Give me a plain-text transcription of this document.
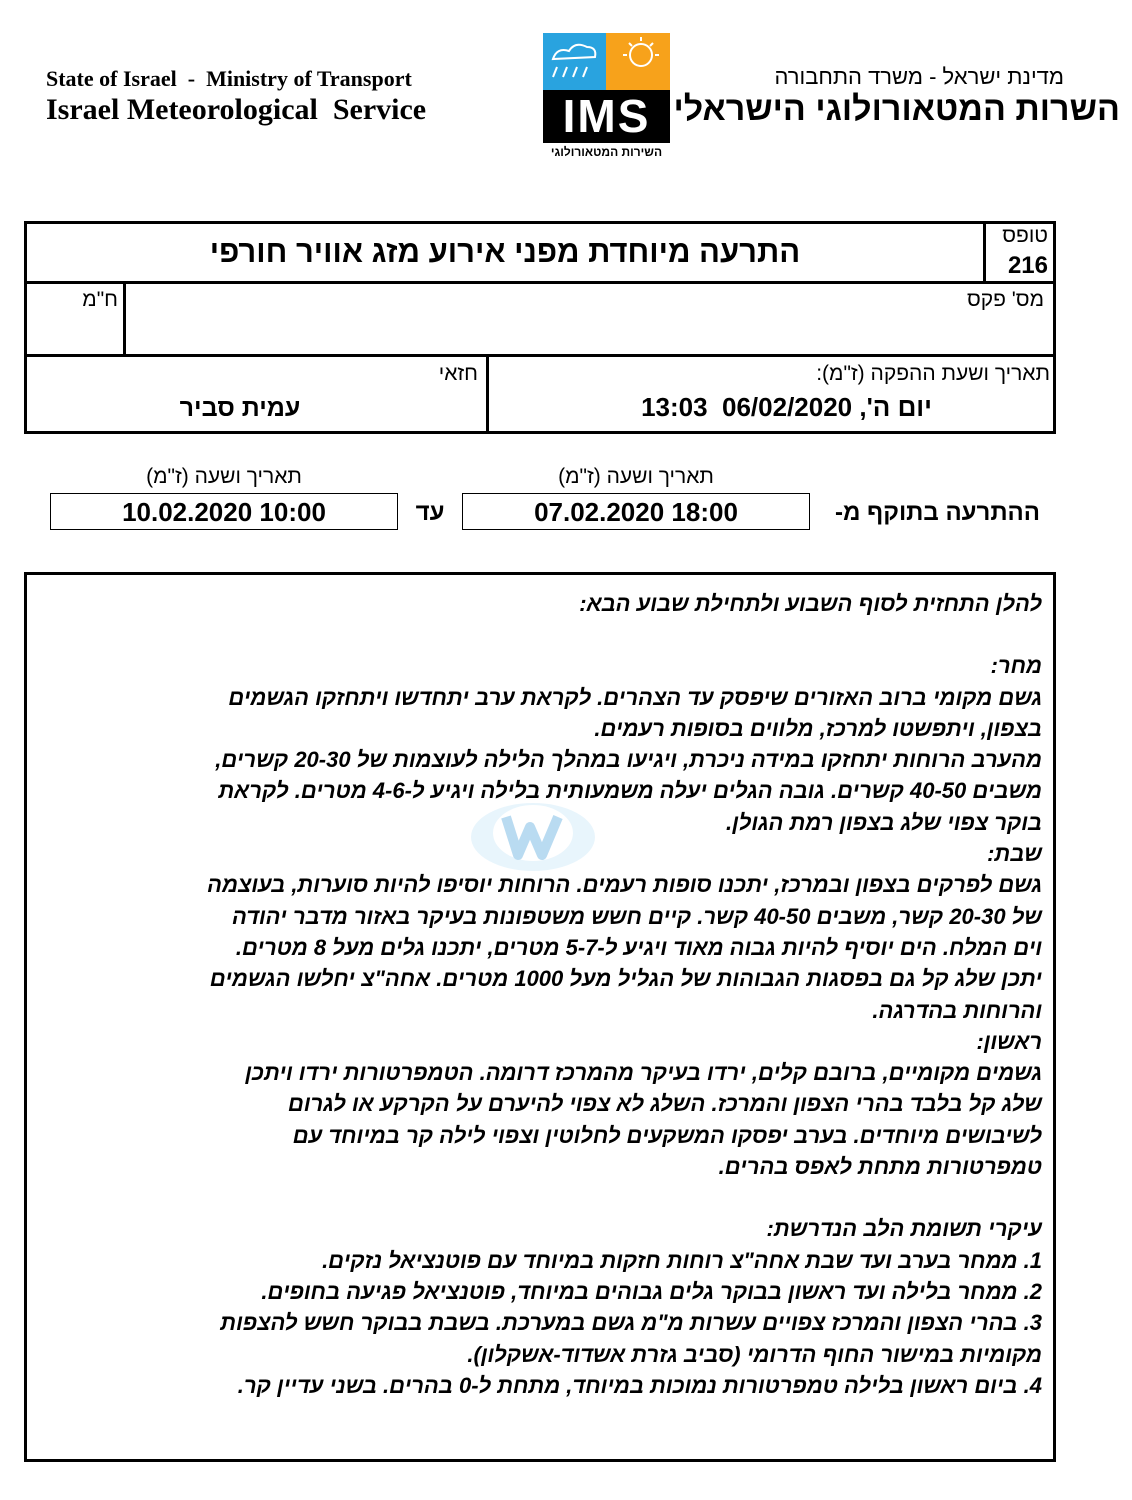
State of Israel  -  Ministry of Transport
Israel Meteorological  Service
מדינת ישראל - משרד התחבורה
השרות המטאורולוגי הישראלי
IMS
השירות המטאורולוגי
טופס
216
התרעה מיוחדת מפני אירוע מזג אוויר חורפי
מס' פקס
ח"מ
תאריך ושעת ההפקה (ז"מ):
יום ה', 06/02/2020  13:03
חזאי
עמית סביר
תאריך ושעה (ז"מ)
תאריך ושעה (ז"מ)
ההתרעה בתוקף מ-
07.02.2020 18:00
עד
10.02.2020 10:00
להלן התחזית לסוף השבוע ולתחילת שבוע הבא:
מחר:
גשם מקומי ברוב האזורים שיפסק עד הצהרים. לקראת ערב יתחדשו ויתחזקו הגשמים
בצפון, ויתפשטו למרכז, מלווים בסופות רעמים.
מהערב הרוחות יתחזקו במידה ניכרת, ויגיעו במהלך הלילה לעוצמות של 20-30 קשרים,
משבים 40-50 קשרים. גובה הגלים יעלה משמעותית בלילה ויגיע ל-4-6 מטרים. לקראת
בוקר צפוי שלג בצפון רמת הגולן.
שבת:
גשם לפרקים בצפון ובמרכז, יתכנו סופות רעמים. הרוחות יוסיפו להיות סוערות, בעוצמה
של 20-30 קשר, משבים 40-50 קשר. קיים חשש משטפונות בעיקר באזור מדבר יהודה
וים המלח. הים יוסיף להיות גבוה מאוד ויגיע ל-5-7 מטרים, יתכנו גלים מעל 8 מטרים.
יתכן שלג קל גם בפסגות הגבוהות של הגליל מעל 1000 מטרים. אחה"צ יחלשו הגשמים
והרוחות בהדרגה.
ראשון:
גשמים מקומיים, ברובם קלים, ירדו בעיקר מהמרכז דרומה. הטמפרטורות ירדו ויתכן
שלג קל בלבד בהרי הצפון והמרכז. השלג לא צפוי להיערם על הקרקע או לגרום
לשיבושים מיוחדים. בערב יפסקו המשקעים לחלוטין וצפוי לילה קר במיוחד עם
טמפרטורות מתחת לאפס בהרים.
עיקרי תשומת הלב הנדרשת:
1. ממחר בערב ועד שבת אחה"צ רוחות חזקות במיוחד עם פוטנציאל נזקים.
2. ממחר בלילה ועד ראשון בבוקר גלים גבוהים במיוחד, פוטנציאל פגיעה בחופים.
3. בהרי הצפון והמרכז צפויים עשרות מ"מ גשם במערכת. בשבת בבוקר חשש להצפות
מקומיות במישור החוף הדרומי (סביב גזרת אשדוד-אשקלון).
4. ביום ראשון בלילה טמפרטורות נמוכות במיוחד, מתחת ל-0 בהרים. בשני עדיין קר.
